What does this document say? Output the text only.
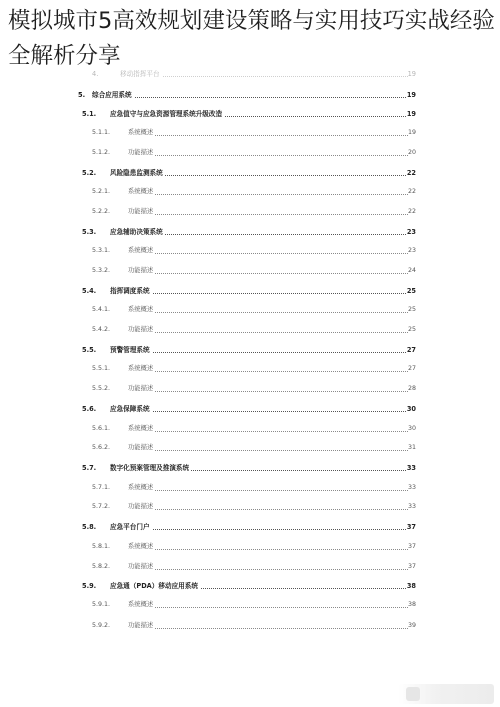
模拟城市5高效规划建设策略与实用技巧实战经验全解析分享
4.	移动指挥平台	19
5. 综合应用系统	19
5.1. 应急值守与应急资源管理系统升级改造	19
5.1.1.	系统概述	19
5.1.2.	功能描述	20
5.2. 风险隐患监测系统	22
5.2.1.	系统概述	22
5.2.2.	功能描述	22
5.3. 应急辅助决策系统	23
5.3.1.	系统概述	23
5.3.2.	功能描述	24
5.4. 指挥调度系统	25
5.4.1.	系统概述	25
5.4.2.	功能描述	25
5.5. 预警管理系统	27
5.5.1.	系统概述	27
5.5.2.	功能描述	28
5.6. 应急保障系统	30
5.6.1.	系统概述	30
5.6.2.	功能描述	31
5.7. 数字化预案管理及推演系统	33
5.7.1.	系统概述	33
5.7.2.	功能描述	33
5.8. 应急平台门户	37
5.8.1.	系统概述	37
5.8.2.	功能描述	37
5.9. 应急通（PDA）移动应用系统	38
5.9.1.	系统概述	38
5.9.2.	功能描述	39
